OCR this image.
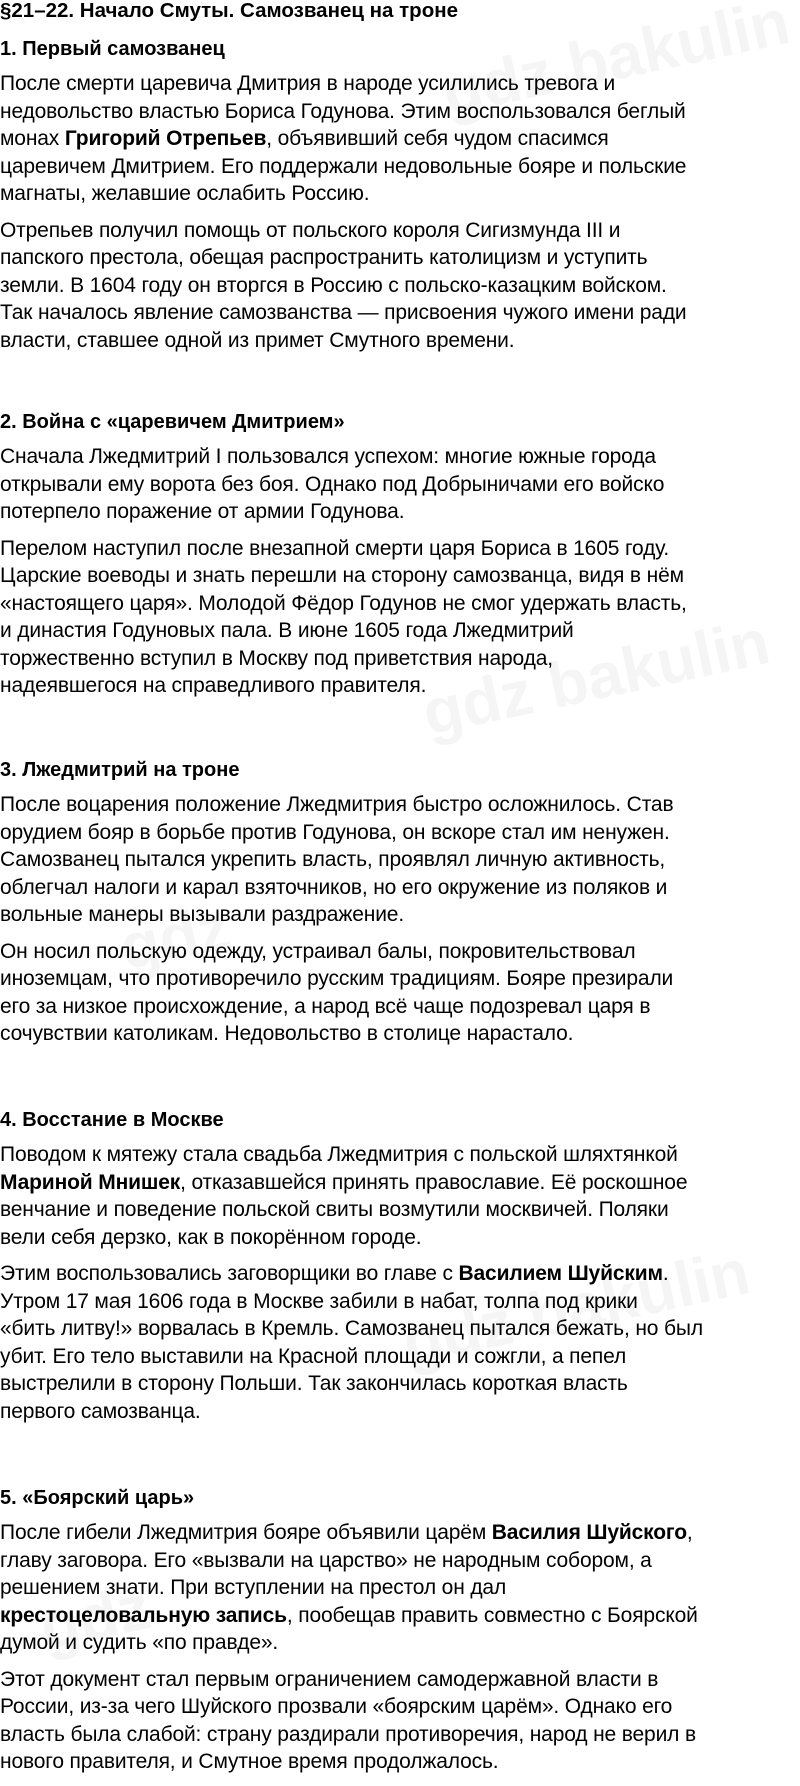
§21–22. Начало Смуты. Самозванец на троне
1. Первый самозванец

После смерти царевича Дмитрия в народе усилились тревога и
недовольство властью Бориса Годунова. Этим воспользовался беглый
монах Григорий Отрепьев, объявивший себя чудом спасимся
царевичем Дмитрием. Его поддержали недовольные бояре и польские
магнаты, желавшие ослабить Россию.

Отрепьев получил помощь от польского короля Сигизмунда III и
папского престола, обещая распространить католицизм и уступить
земли. В 1604 году он вторгся в Россию с польско-казацким войском.
Так началось явление самозванства — присвоения чужого имени ради
власти, ставшее одной из примет Смутного времени.

2. Война с «царевичем Дмитрием»

Сначала Лжедмитрий I пользовался успехом: многие южные города
открывали ему ворота без боя. Однако под Добрыничами его войско
потерпело поражение от армии Годунова.

Перелом наступил после внезапной смерти царя Бориса в 1605 году.
Царские воеводы и знать перешли на сторону самозванца, видя в нём
«настоящего царя». Молодой Фёдор Годунов не смог удержать власть,
и династия Годуновых пала. В июне 1605 года Лжедмитрий
торжественно вступил в Москву под приветствия народа,
надеявшегося на справедливого правителя.

3. Лжедмитрий на троне

После воцарения положение Лжедмитрия быстро осложнилось. Став
орудием бояр в борьбе против Годунова, он вскоре стал им ненужен.
Самозванец пытался укрепить власть, проявлял личную активность,
облегчал налоги и карал взяточников, но его окружение из поляков и
вольные манеры вызывали раздражение.

Он носил польскую одежду, устраивал балы, покровительствовал
иноземцам, что противоречило русским традициям. Бояре презирали
его за низкое происхождение, а народ всё чаще подозревал царя в
сочувствии католикам. Недовольство в столице нарастало.

4. Восстание в Москве

Поводом к мятежу стала свадьба Лжедмитрия с польской шляхтянкой
Мариной Мнишек, отказавшейся принять православие. Её роскошное
венчание и поведение польской свиты возмутили москвичей. Поляки
вели себя дерзко, как в покорённом городе.

Этим воспользовались заговорщики во главе с Василием Шуйским.
Утром 17 мая 1606 года в Москве забили в набат, толпа под крики
«бить литву!» ворвалась в Кремль. Самозванец пытался бежать, но был
убит. Его тело выставили на Красной площади и сожгли, а пепел
выстрелили в сторону Польши. Так закончилась короткая власть
первого самозванца.

5. «Боярский царь»

После гибели Лжедмитрия бояре объявили царём Василия Шуйского,
главу заговора. Его «вызвали на царство» не народным собором, а
решением знати. При вступлении на престол он дал
крестоцеловальную запись, пообещав править совместно с Боярской
думой и судить «по правде».

Этот документ стал первым ограничением самодержавной власти в
России, из-за чего Шуйского прозвали «боярским царём». Однако его
власть была слабой: страну раздирали противоречия, народ не верил в
нового правителя, и Смутное время продолжалось.
